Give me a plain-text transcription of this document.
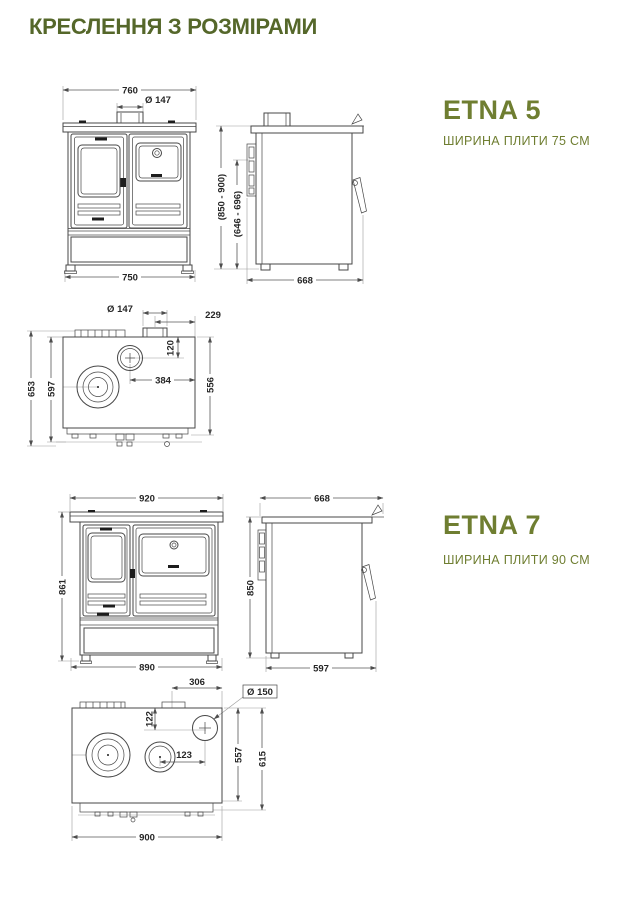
КРЕСЛЕННЯ З РОЗМІРАМИ
ETNA 5
ШИРИНА ПЛИТИ 75 СМ
ETNA 7
ШИРИНА ПЛИТИ 90 СМ
760
Ø 147
750
(850 - 900) (646 - 696)
668
Ø 147
229
120
384	556
653 597
920
890
861
668
597
850
306
Ø 150
122
123	557 615
900
